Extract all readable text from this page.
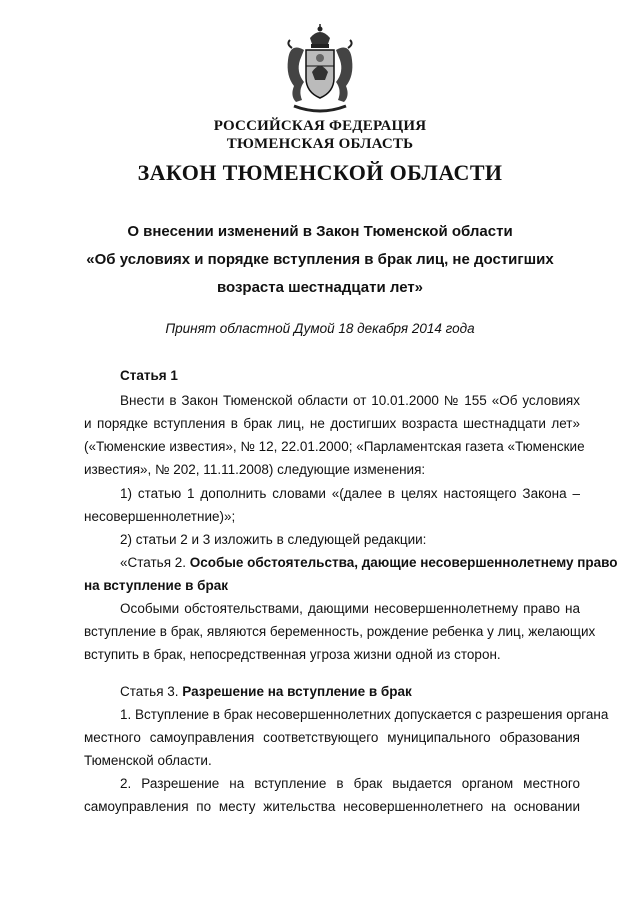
РОССИЙСКАЯ ФЕДЕРАЦИЯ
ТЮМЕНСКАЯ ОБЛАСТЬ
ЗАКОН ТЮМЕНСКОЙ ОБЛАСТИ
О внесении изменений в Закон Тюменской области
«Об условиях и порядке вступления в брак лиц, не достигших
возраста шестнадцати лет»
Принят областной Думой 18 декабря 2014 года
Статья 1
Внести в Закон Тюменской области от 10.01.2000 № 155 «Об условиях
и порядке вступления в брак лиц, не достигших возраста шестнадцати лет»
(«Тюменские известия», № 12, 22.01.2000; «Парламентская газета «Тюменские
известия», № 202, 11.11.2008) следующие изменения:
1) статью 1 дополнить словами «(далее в целях настоящего Закона –
несовершеннолетние)»;
2) статьи 2 и 3 изложить в следующей редакции:
«Статья 2. Особые обстоятельства, дающие несовершеннолетнему право
на вступление в брак
Особыми обстоятельствами, дающими несовершеннолетнему право на
вступление в брак, являются беременность, рождение ребенка у лиц, желающих
вступить в брак, непосредственная угроза жизни одной из сторон.
Статья 3. Разрешение на вступление в брак
1. Вступление в брак несовершеннолетних допускается с разрешения органа
местного самоуправления соответствующего муниципального образования
Тюменской области.
2. Разрешение на вступление в брак выдается органом местного
самоуправления по месту жительства несовершеннолетнего на основании
